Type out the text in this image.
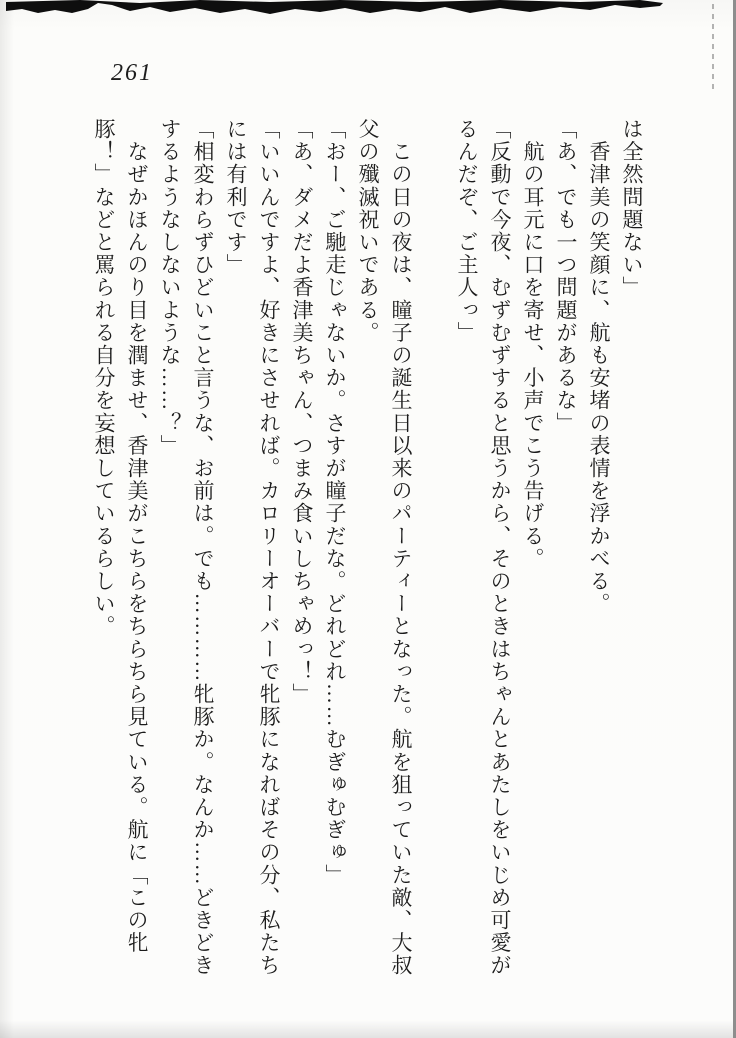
261

は全然問題ない」

　香津美の笑顔に、航も安堵の表情を浮かべる。

「あ、でも一つ問題があるな」

　航の耳元に口を寄せ、小声でこう告げる。

「反動で今夜、むずむずすると思うから、そのときはちゃんとあたしをいじめ可愛が

るんだぞ、ご主人っ」

　この日の夜は、瞳子の誕生日以来のパーティーとなった。航を狙っていた敵、大叔

父の殲滅祝いである。

「おー、ご馳走じゃないか。さすが瞳子だな。どれどれ……むぎゅむぎゅ」

「あ、ダメだよ香津美ちゃん、つまみ食いしちゃめっ！」

「いいんですよ、好きにさせれば。カロリーオーバーで牝豚になればその分、私たち

には有利です」

「相変わらずひどいこと言うな、お前は。でも…………牝豚か。なんか……どきどき

するようなしないような……？」

　なぜかほんのり目を潤ませ、香津美がこちらをちらちら見ている。航に「この牝

豚！」などと罵られる自分を妄想しているらしい。
